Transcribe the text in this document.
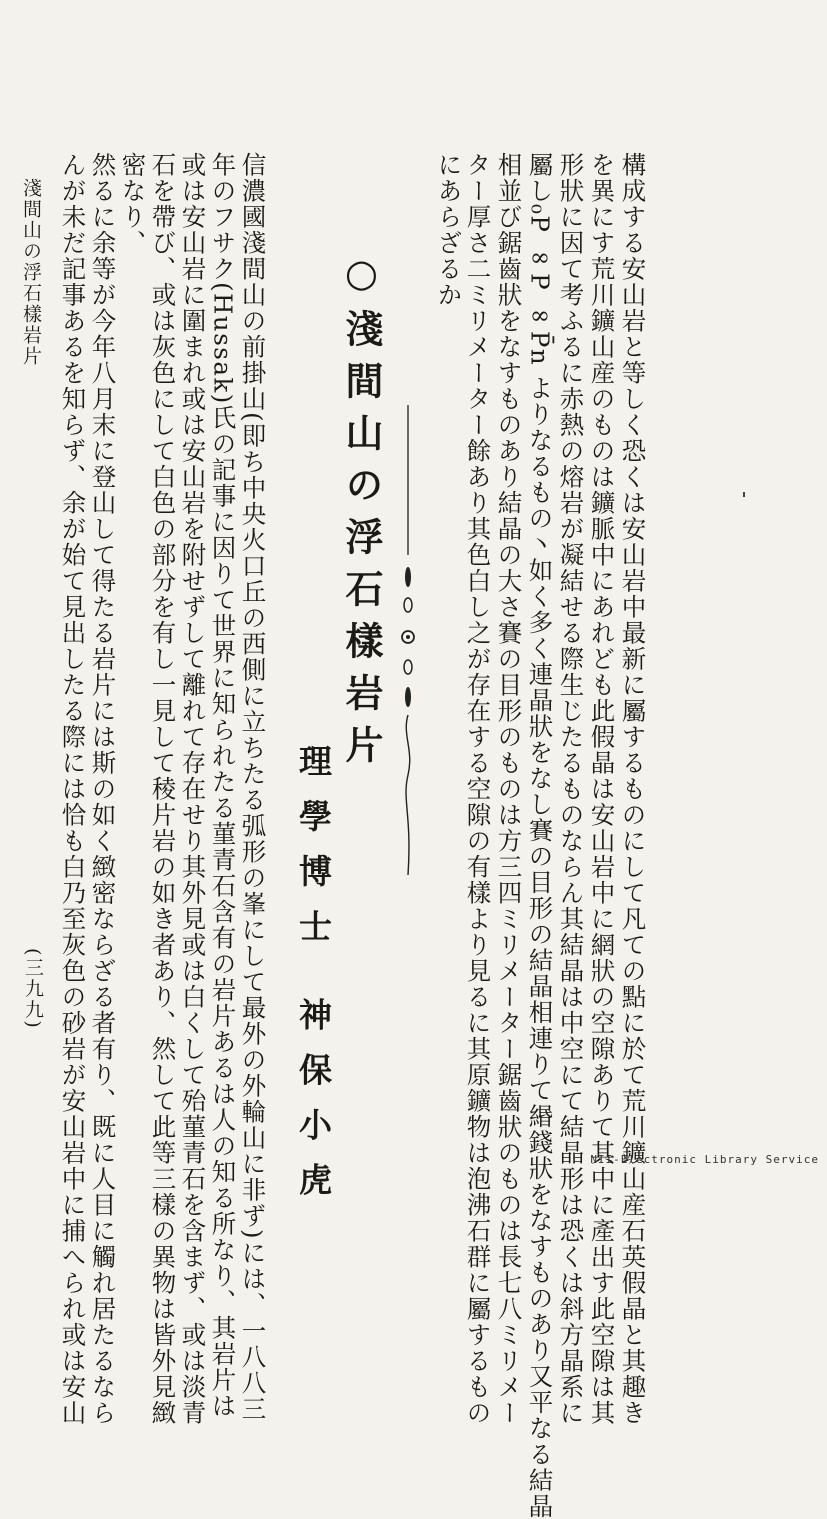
構成する安山岩と等しく恐くは安山岩中最新に屬するものにして凡ての點に於て荒川鑛山産石英假晶と其趣き

を異にす荒川鑛山産のものは鑛脈中にあれども此假晶は安山岩中に網狀の空隙ありて其中に產出す此空隙は其

形狀に因て考ふるに赤熱の熔岩が凝結せる際生じたるものならん其結晶は中空にて結晶形は恐くは斜方晶系に

屬し₀P ∞P ∞P̄n よりなるもの丶如く多く連晶狀をなし賽の目形の結晶相連りて緡錢狀をなすものあり又平なる結晶

相並び鋸齒狀をなすものあり結晶の大さ賽の目形のものは方三四ミリメーター鋸齒狀のものは長七八ミリメー

ター厚さ二ミリメーター餘あり其色白し之が存在する空隙の有樣より見るに其原鑛物は泡沸石群に屬するもの

にあらざるか

○淺間山の浮石樣岩片

理學博士 神保小虎

信濃國淺間山の前掛山(即ち中央火口丘の西側に立ちたる弧形の峯にして最外の外輪山に非ず)には、一八八三

年のフサク(Hussak)氏の記事に因りて世界に知られたる菫青石含有の岩片あるは人の知る所なり、其岩片は

或は安山岩に圍まれ或は安山岩を附せずして離れて存在せり其外見或は白くして殆菫青石を含まず、或は淡青

石を帶び、或は灰色にして白色の部分を有し一見して稜片岩の如き者あり、然して此等三樣の異物は皆外見緻

密なり、

然るに余等が今年八月末に登山して得たる岩片には斯の如く緻密ならざる者有り、既に人目に觸れ居たるなら

んが未だ記事あるを知らず、余が始て見出したる際には恰も白乃至灰色の砂岩が安山岩中に捕へられ或は安山

淺間山の浮石樣岩片

(三九九)

NII-Electronic Library Service
